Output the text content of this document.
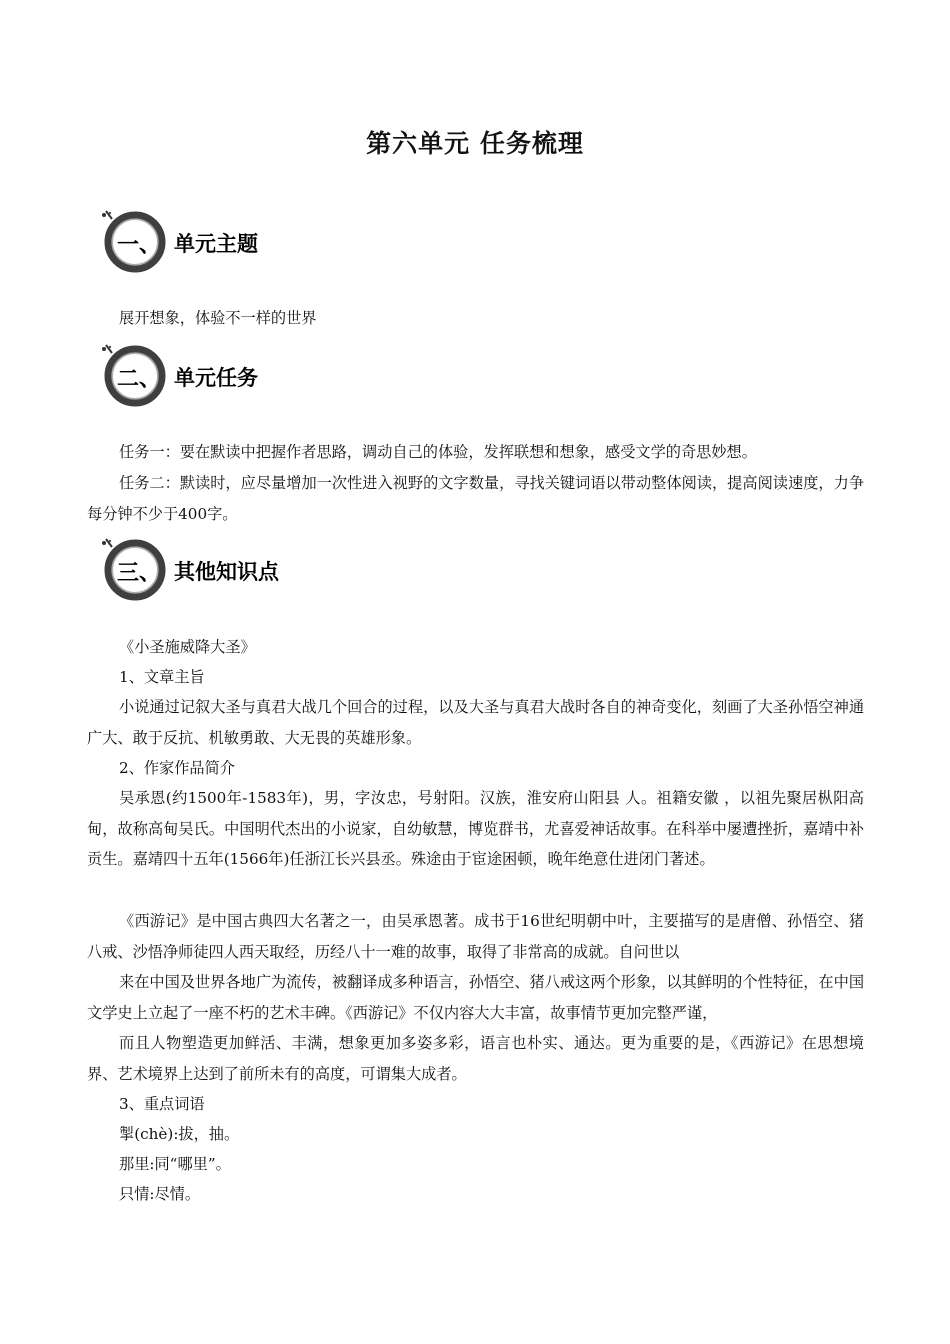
第六单元 任务梳理
一、 单元主题

展开想象，体验不一样的世界

二、 单元任务

任务一：要在默读中把握作者思路，调动自己的体验，发挥联想和想象，感受文学的奇思妙想。

任务二：默读时，应尽量增加一次性进入视野的文字数量，寻找关键词语以带动整体阅读，提高阅读速度，力争每分钟不少于400字。

三、 其他知识点

《小圣施威降大圣》

1、文章主旨

小说通过记叙大圣与真君大战几个回合的过程，以及大圣与真君大战时各自的神奇变化，刻画了大圣孙悟空神通广大、敢于反抗、机敏勇敢、大无畏的英雄形象。

2、作家作品简介

吴承恩(约1500年-1583年)，男，字汝忠，号射阳。汉族，淮安府山阳县 人。祖籍安徽 ，以祖先聚居枞阳高甸，故称高甸吴氏。中国明代杰出的小说家，自幼敏慧，博览群书，尤喜爱神话故事。在科举中屡遭挫折，嘉靖中补贡生。嘉靖四十五年(1566年)任浙江长兴县丞。殊途由于宦途困顿，晚年绝意仕进闭门著述。

《西游记》是中国古典四大名著之一，由吴承恩著。成书于16世纪明朝中叶，主要描写的是唐僧、孙悟空、猪八戒、沙悟净师徒四人西天取经，历经八十一难的故事，取得了非常高的成就。自问世以

来在中国及世界各地广为流传，被翻译成多种语言，孙悟空、猪八戒这两个形象，以其鲜明的个性特征，在中国文学史上立起了一座不朽的艺术丰碑。《西游记》不仅内容大大丰富，故事情节更加完整严谨，

而且人物塑造更加鲜活、丰满，想象更加多姿多彩，语言也朴实、通达。更为重要的是，《西游记》在思想境界、艺术境界上达到了前所未有的高度，可谓集大成者。

3、重点词语

掣(chè):拔，抽。

那里:同“哪里”。

只情:尽情。
